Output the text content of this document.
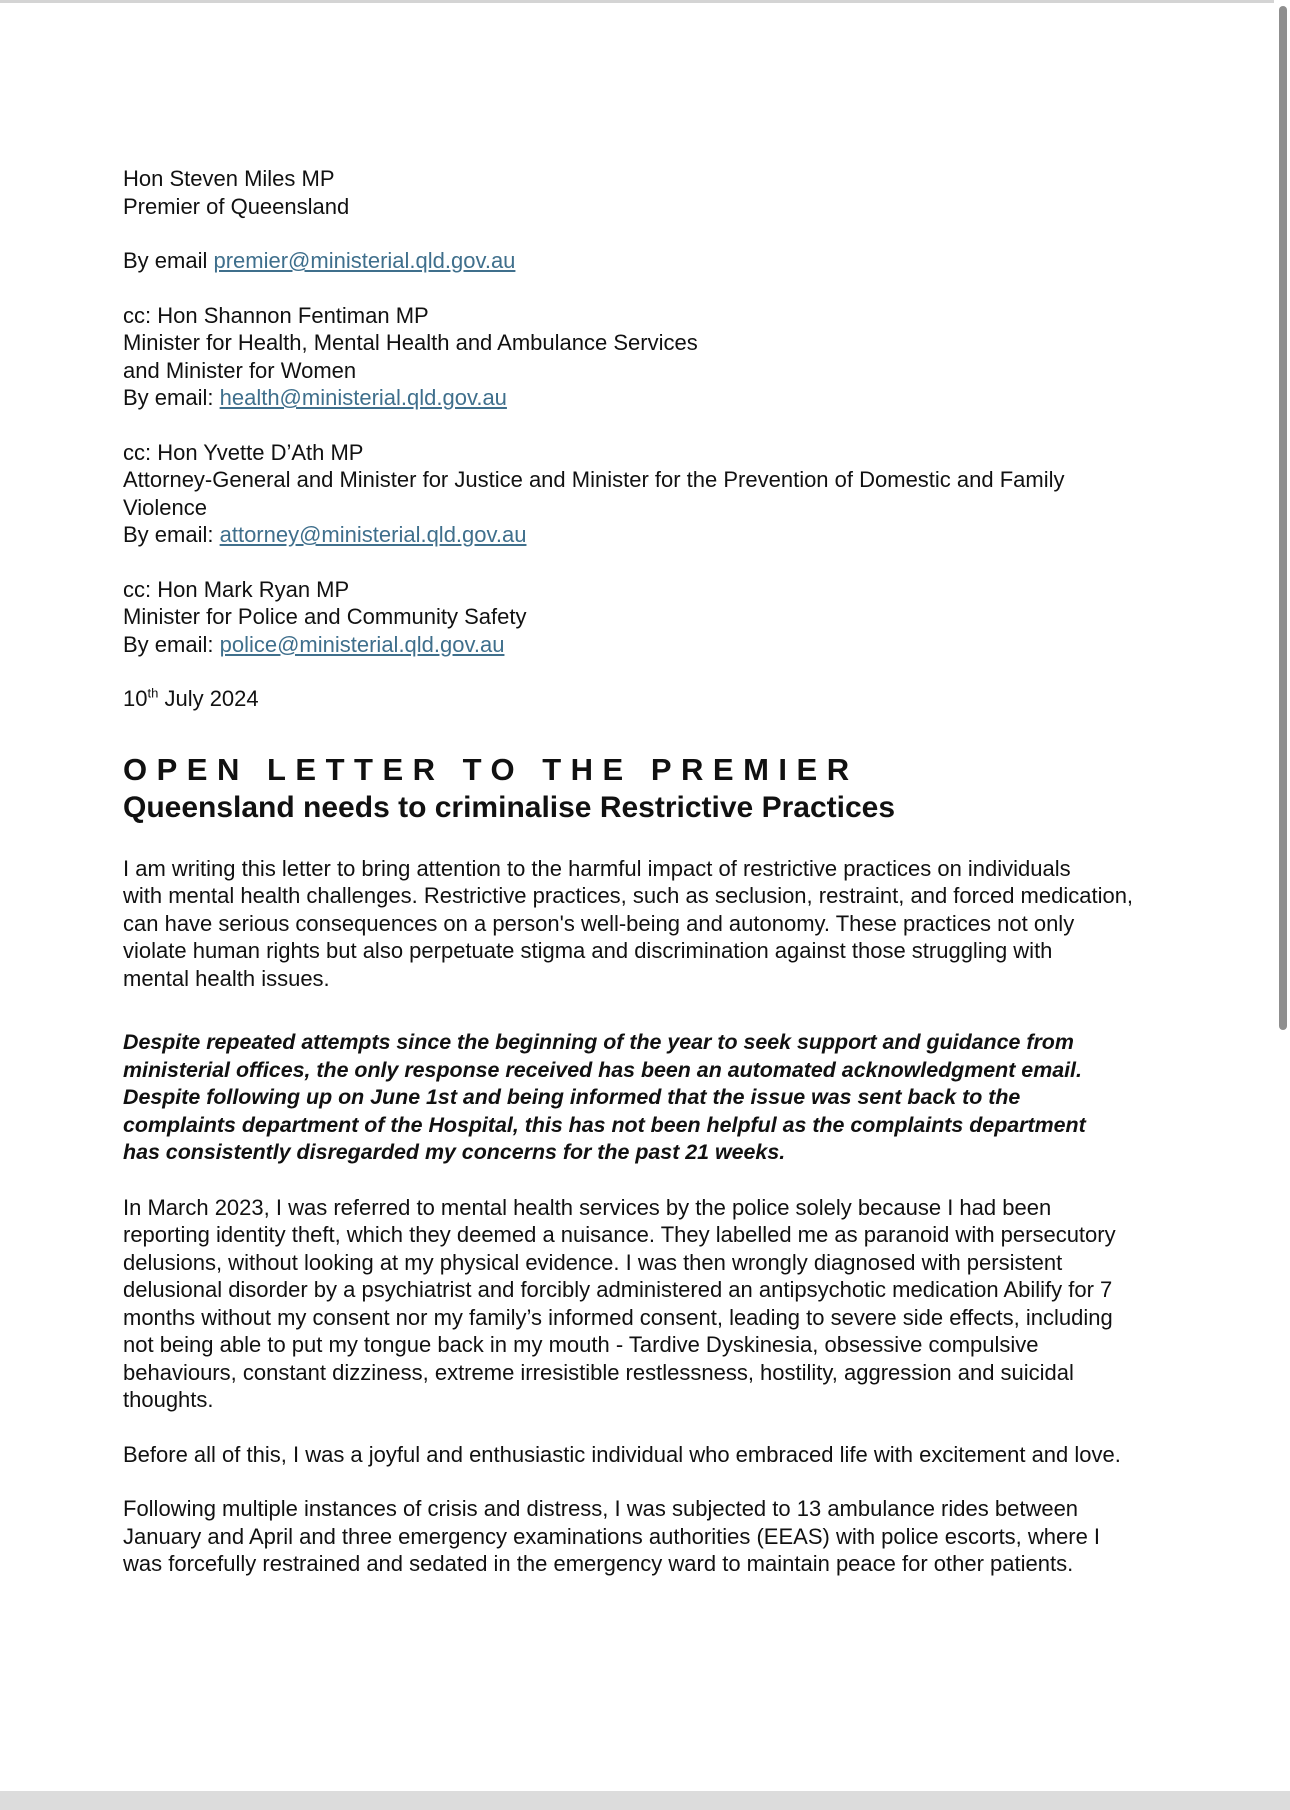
Hon Steven Miles MP
Premier of Queensland
By email premier@ministerial.qld.gov.au
cc: Hon Shannon Fentiman MP
Minister for Health, Mental Health and Ambulance Services
and Minister for Women
By email: health@ministerial.qld.gov.au
cc: Hon Yvette D’Ath MP
Attorney-General and Minister for Justice and Minister for the Prevention of Domestic and Family
Violence
By email: attorney@ministerial.qld.gov.au
cc: Hon Mark Ryan MP
Minister for Police and Community Safety
By email: police@ministerial.qld.gov.au
10th July 2024
OPEN LETTER TO THE PREMIER
Queensland needs to criminalise Restrictive Practices
I am writing this letter to bring attention to the harmful impact of restrictive practices on individuals
with mental health challenges. Restrictive practices, such as seclusion, restraint, and forced medication,
can have serious consequences on a person's well-being and autonomy. These practices not only
violate human rights but also perpetuate stigma and discrimination against those struggling with
mental health issues.
Despite repeated attempts since the beginning of the year to seek support and guidance from
ministerial offices, the only response received has been an automated acknowledgment email.
Despite following up on June 1st and being informed that the issue was sent back to the
complaints department of the Hospital, this has not been helpful as the complaints department
has consistently disregarded my concerns for the past 21 weeks.
In March 2023, I was referred to mental health services by the police solely because I had been
reporting identity theft, which they deemed a nuisance. They labelled me as paranoid with persecutory
delusions, without looking at my physical evidence. I was then wrongly diagnosed with persistent
delusional disorder by a psychiatrist and forcibly administered an antipsychotic medication Abilify for 7
months without my consent nor my family’s informed consent, leading to severe side effects, including
not being able to put my tongue back in my mouth - Tardive Dyskinesia, obsessive compulsive
behaviours, constant dizziness, extreme irresistible restlessness, hostility, aggression and suicidal
thoughts.
Before all of this, I was a joyful and enthusiastic individual who embraced life with excitement and love.
Following multiple instances of crisis and distress, I was subjected to 13 ambulance rides between
January and April and three emergency examinations authorities (EEAS) with police escorts, where I
was forcefully restrained and sedated in the emergency ward to maintain peace for other patients.
